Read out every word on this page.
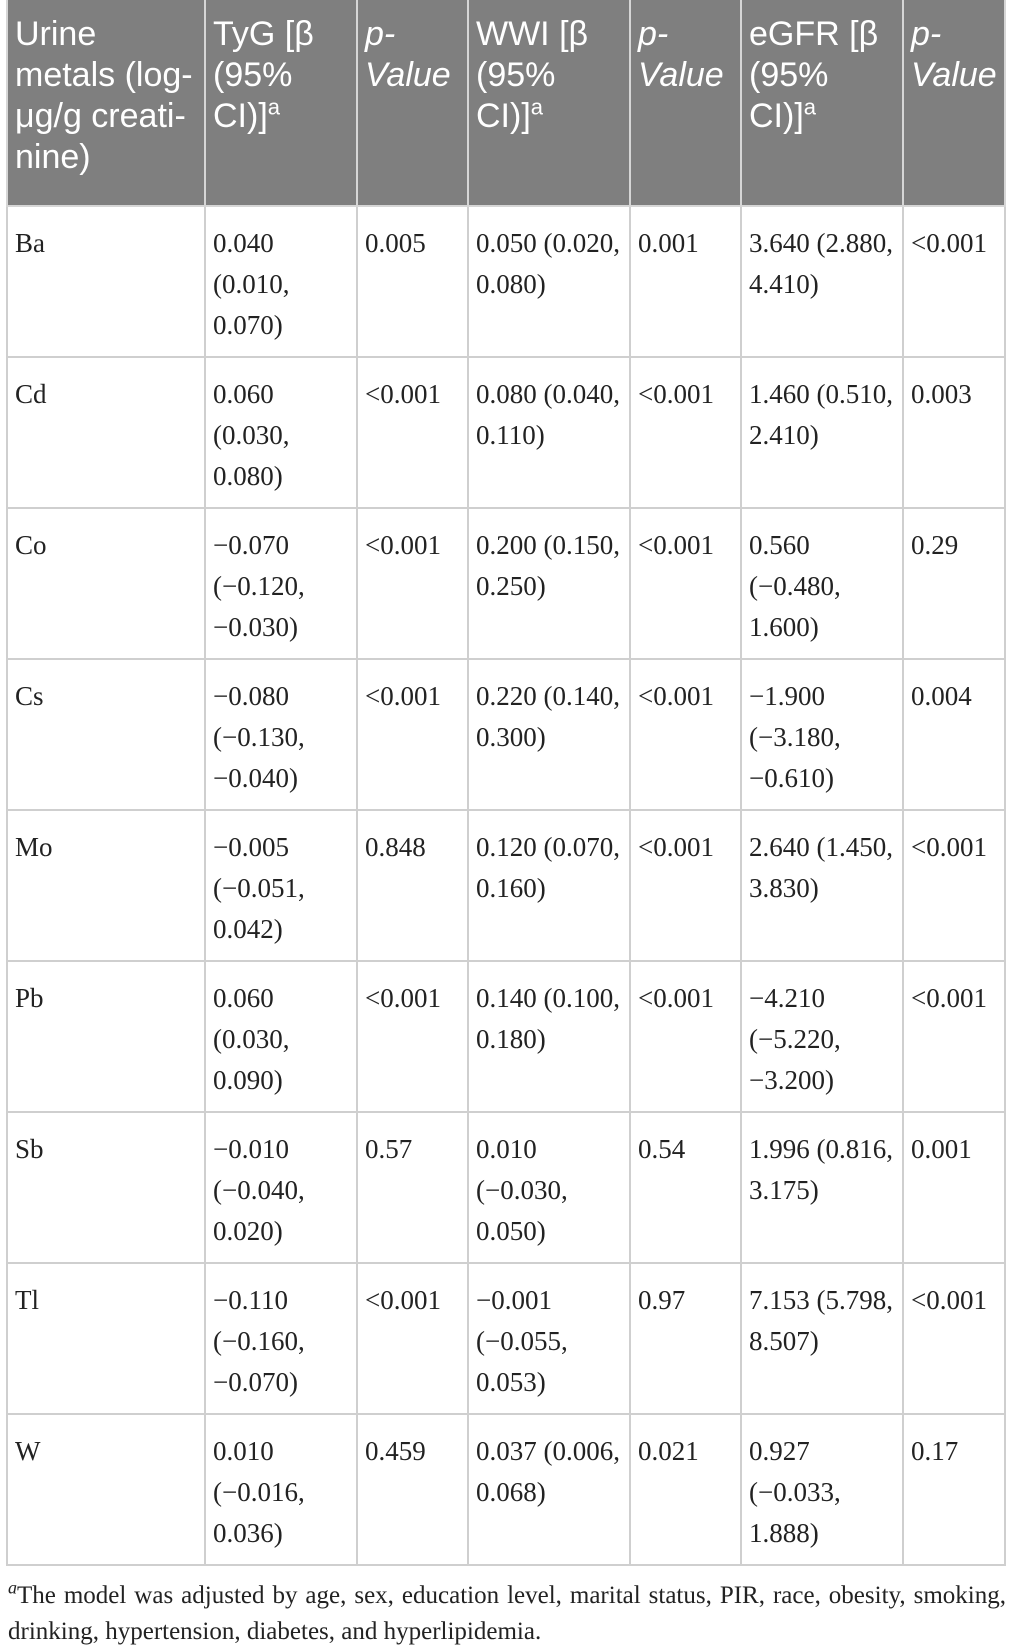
Urine metals (log-μg/g creati-nine)	TyG [β (95% CI)]$^a$	p-Value	WWI [β (95% CI)]$^a$	p-Value	eGFR [β (95% CI)]$^a$	p-Value
Ba	0.040 (0.010, 0.070)	0.005	0.050 (0.020, 0.080)	0.001	3.640 (2.880, 4.410)	<0.001
Cd	0.060 (0.030, 0.080)	<0.001	0.080 (0.040, 0.110)	<0.001	1.460 (0.510, 2.410)	0.003
Co	−0.070 (−0.120, −0.030)	<0.001	0.200 (0.150, 0.250)	<0.001	0.560 (−0.480, 1.600)	0.29
Cs	−0.080 (−0.130, −0.040)	<0.001	0.220 (0.140, 0.300)	<0.001	−1.900 (−3.180, −0.610)	0.004
Mo	−0.005 (−0.051, 0.042)	0.848	0.120 (0.070, 0.160)	<0.001	2.640 (1.450, 3.830)	<0.001
Pb	0.060 (0.030, 0.090)	<0.001	0.140 (0.100, 0.180)	<0.001	−4.210 (−5.220, −3.200)	<0.001
Sb	−0.010 (−0.040, 0.020)	0.57	0.010 (−0.030, 0.050)	0.54	1.996 (0.816, 3.175)	0.001
Tl	−0.110 (−0.160, −0.070)	<0.001	−0.001 (−0.055, 0.053)	0.97	7.153 (5.798, 8.507)	<0.001
W	0.010 (−0.016, 0.036)	0.459	0.037 (0.006, 0.068)	0.021	0.927 (−0.033, 1.888)	0.17
$^a$The model was adjusted by age, sex, education level, marital status, PIR, race, obesity, smoking, drinking, hypertension, diabetes, and hyperlipidemia.
